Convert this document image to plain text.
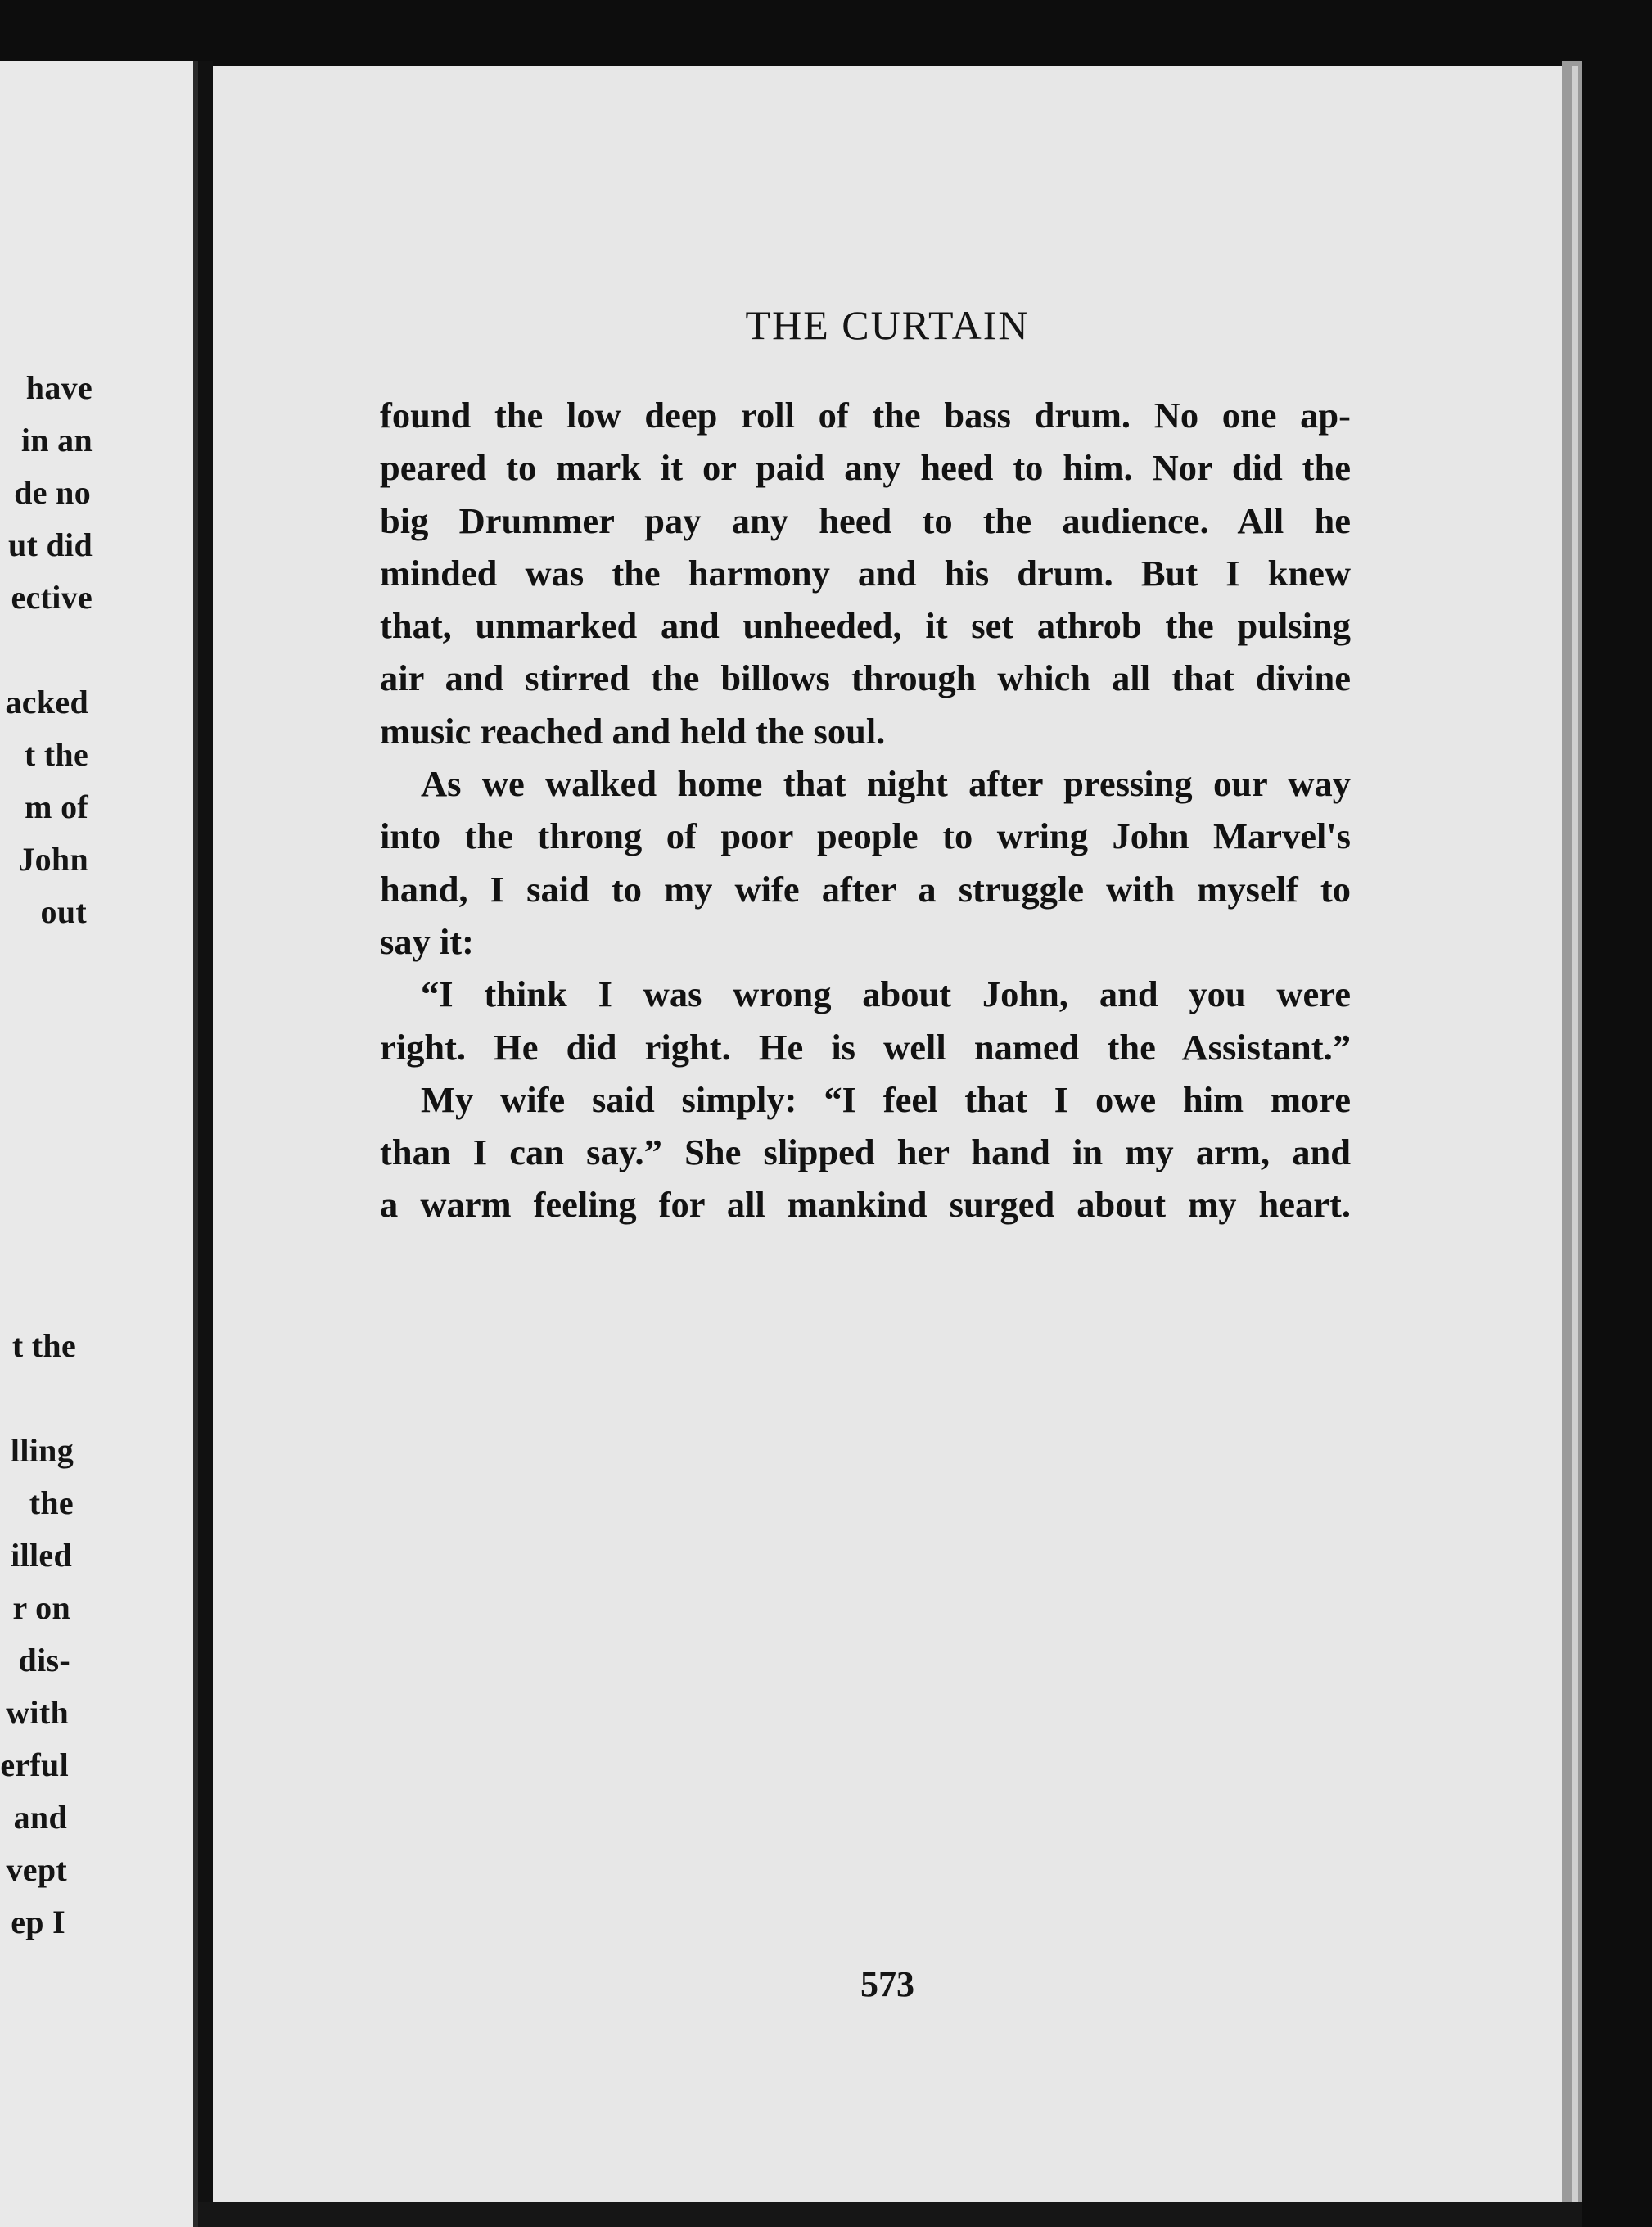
have
in an
de no
ut did
ective
acked
t the
m of
John
out
t the
lling
the
illed
r on
dis-
with
erful
and
vept
ep I
THE CURTAIN
found the low deep roll of the bass drum. No one ap-
peared to mark it or paid any heed to him. Nor did the
big Drummer pay any heed to the audience. All he
minded was the harmony and his drum. But I knew
that, unmarked and unheeded, it set athrob the pulsing
air and stirred the billows through which all that divine
music reached and held the soul.
As we walked home that night after pressing our way
into the throng of poor people to wring John Marvel's
hand, I said to my wife after a struggle with myself to
say it:
“I think I was wrong about John, and you were
right. He did right. He is well named the Assistant.”
My wife said simply: “I feel that I owe him more
than I can say.” She slipped her hand in my arm, and
a warm feeling for all mankind surged about my heart.
573
